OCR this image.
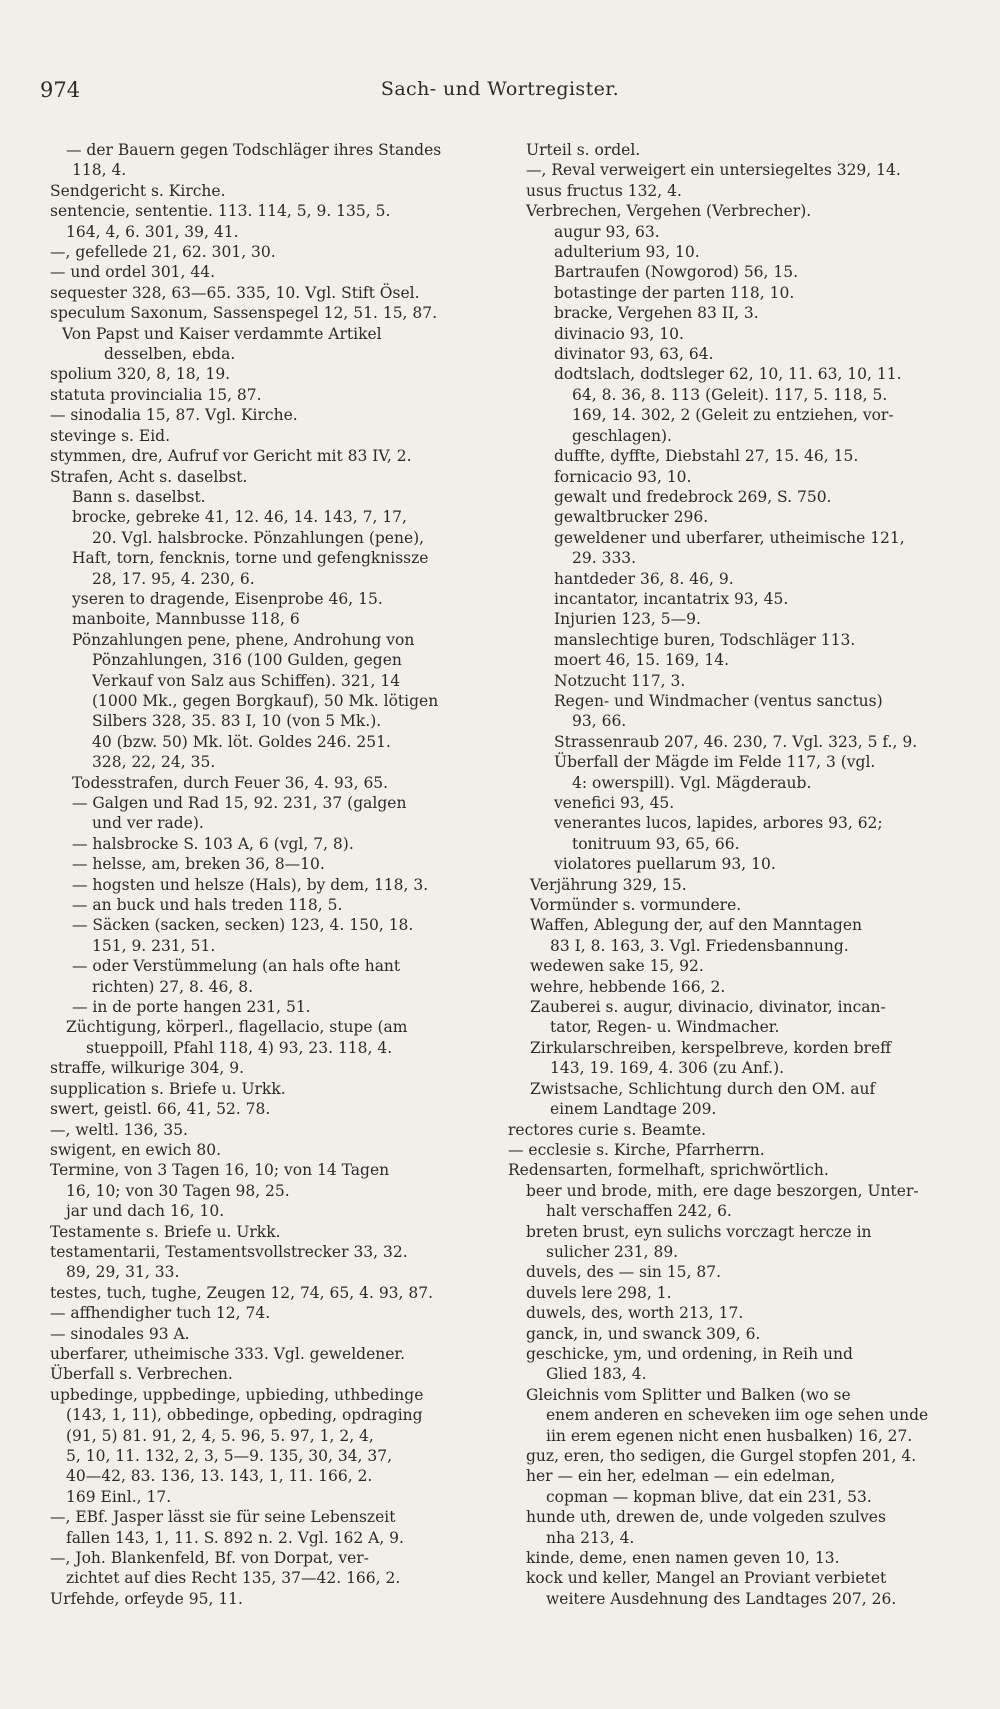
974	Sach- und Wortregister.
— der Bauern gegen Todschläger ihres Standes
118, 4.
Sendgericht s. Kirche.
sentencie, sententie. 113. 114, 5, 9. 135, 5.
164, 4, 6. 301, 39, 41.
—, gefellede 21, 62. 301, 30.
— und ordel 301, 44.
sequester 328, 63—65. 335, 10. Vgl. Stift Ösel.
speculum Saxonum, Sassenspegel 12, 51. 15, 87.
Von Papst und Kaiser verdammte Artikel
desselben, ebda.
spolium 320, 8, 18, 19.
statuta provincialia 15, 87.
— sinodalia 15, 87. Vgl. Kirche.
stevinge s. Eid.
stymmen, dre, Aufruf vor Gericht mit 83 IV, 2.
Strafen, Acht s. daselbst.
Bann s. daselbst.
brocke, gebreke 41, 12. 46, 14. 143, 7, 17,
20. Vgl. halsbrocke. Pönzahlungen (pene),
Haft, torn, fencknis, torne und gefengknissze
28, 17. 95, 4. 230, 6.
yseren to dragende, Eisenprobe 46, 15.
manboite, Mannbusse 118, 6
Pönzahlungen pene, phene, Androhung von
Pönzahlungen, 316 (100 Gulden, gegen
Verkauf von Salz aus Schiffen). 321, 14
(1000 Mk., gegen Borgkauf), 50 Mk. lötigen
Silbers 328, 35. 83 I, 10 (von 5 Mk.).
40 (bzw. 50) Mk. löt. Goldes 246. 251.
328, 22, 24, 35.
Todesstrafen, durch Feuer 36, 4. 93, 65.
— Galgen und Rad 15, 92. 231, 37 (galgen
und ver rade).
— halsbrocke S. 103 A, 6 (vgl, 7, 8).
— helsse, am, breken 36, 8—10.
— hogsten und helsze (Hals), by dem, 118, 3.
— an buck und hals treden 118, 5.
— Säcken (sacken, secken) 123, 4. 150, 18.
151, 9. 231, 51.
— oder Verstümmelung (an hals ofte hant
richten) 27, 8. 46, 8.
— in de porte hangen 231, 51.
Züchtigung, körperl., flagellacio, stupe (am
stueppoill, Pfahl 118, 4) 93, 23. 118, 4.
straffe, wilkurige 304, 9.
supplication s. Briefe u. Urkk.
swert, geistl. 66, 41, 52. 78.
—, weltl. 136, 35.
swigent, en ewich 80.
Termine, von 3 Tagen 16, 10; von 14 Tagen
16, 10; von 30 Tagen 98, 25.
jar und dach 16, 10.
Testamente s. Briefe u. Urkk.
testamentarii, Testamentsvollstrecker 33, 32.
89, 29, 31, 33.
testes, tuch, tughe, Zeugen 12, 74, 65, 4. 93, 87.
— affhendigher tuch 12, 74.
— sinodales 93 A.
uberfarer, utheimische 333. Vgl. geweldener.
Überfall s. Verbrechen.
upbedinge, uppbedinge, upbieding, uthbedinge
(143, 1, 11), obbedinge, opbeding, opdraging
(91, 5) 81. 91, 2, 4, 5. 96, 5. 97, 1, 2, 4,
5, 10, 11. 132, 2, 3, 5—9. 135, 30, 34, 37,
40—42, 83. 136, 13. 143, 1, 11. 166, 2.
169 Einl., 17.
—, EBf. Jasper lässt sie für seine Lebenszeit
fallen 143, 1, 11. S. 892 n. 2. Vgl. 162 A, 9.
—, Joh. Blankenfeld, Bf. von Dorpat, ver-
zichtet auf dies Recht 135, 37—42. 166, 2.
Urfehde, orfeyde 95, 11.
Urteil s. ordel.
—, Reval verweigert ein untersiegeltes 329, 14.
usus fructus 132, 4.
Verbrechen, Vergehen (Verbrecher).
augur 93, 63.
adulterium 93, 10.
Bartraufen (Nowgorod) 56, 15.
botastinge der parten 118, 10.
bracke, Vergehen 83 II, 3.
divinacio 93, 10.
divinator 93, 63, 64.
dodtslach, dodtsleger 62, 10, 11. 63, 10, 11.
64, 8. 36, 8. 113 (Geleit). 117, 5. 118, 5.
169, 14. 302, 2 (Geleit zu entziehen, vor-
geschlagen).
duffte, dyffte, Diebstahl 27, 15. 46, 15.
fornicacio 93, 10.
gewalt und fredebrock 269, S. 750.
gewaltbrucker 296.
geweldener und uberfarer, utheimische 121,
29. 333.
hantdeder 36, 8. 46, 9.
incantator, incantatrix 93, 45.
Injurien 123, 5—9.
manslechtige buren, Todschläger 113.
moert 46, 15. 169, 14.
Notzucht 117, 3.
Regen- und Windmacher (ventus sanctus)
93, 66.
Strassenraub 207, 46. 230, 7. Vgl. 323, 5 f., 9.
Überfall der Mägde im Felde 117, 3 (vgl.
4: owerspill). Vgl. Mägderaub.
venefici 93, 45.
venerantes lucos, lapides, arbores 93, 62;
tonitruum 93, 65, 66.
violatores puellarum 93, 10.
Verjährung 329, 15.
Vormünder s. vormundere.
Waffen, Ablegung der, auf den Manntagen
83 I, 8. 163, 3. Vgl. Friedensbannung.
wedewen sake 15, 92.
wehre, hebbende 166, 2.
Zauberei s. augur, divinacio, divinator, incan-
tator, Regen- u. Windmacher.
Zirkularschreiben, kerspelbreve, korden breff
143, 19. 169, 4. 306 (zu Anf.).
Zwistsache, Schlichtung durch den OM. auf
einem Landtage 209.
rectores curie s. Beamte.
— ecclesie s. Kirche, Pfarrherrn.
Redensarten, formelhaft, sprichwörtlich.
beer und brode, mith, ere dage beszorgen, Unter-
halt verschaffen 242, 6.
breten brust, eyn sulichs vorczagt hercze in
sulicher 231, 89.
duvels, des — sin 15, 87.
duvels lere 298, 1.
duwels, des, worth 213, 17.
ganck, in, und swanck 309, 6.
geschicke, ym, und ordening, in Reih und
Glied 183, 4.
Gleichnis vom Splitter und Balken (wo se
enem anderen en scheveken iim oge sehen unde
iin erem egenen nicht enen husbalken) 16, 27.
guz, eren, tho sedigen, die Gurgel stopfen 201, 4.
her — ein her, edelman — ein edelman,
copman — kopman blive, dat ein 231, 53.
hunde uth, drewen de, unde volgeden szulves
nha 213, 4.
kinde, deme, enen namen geven 10, 13.
kock und keller, Mangel an Proviant verbietet
weitere Ausdehnung des Landtages 207, 26.
